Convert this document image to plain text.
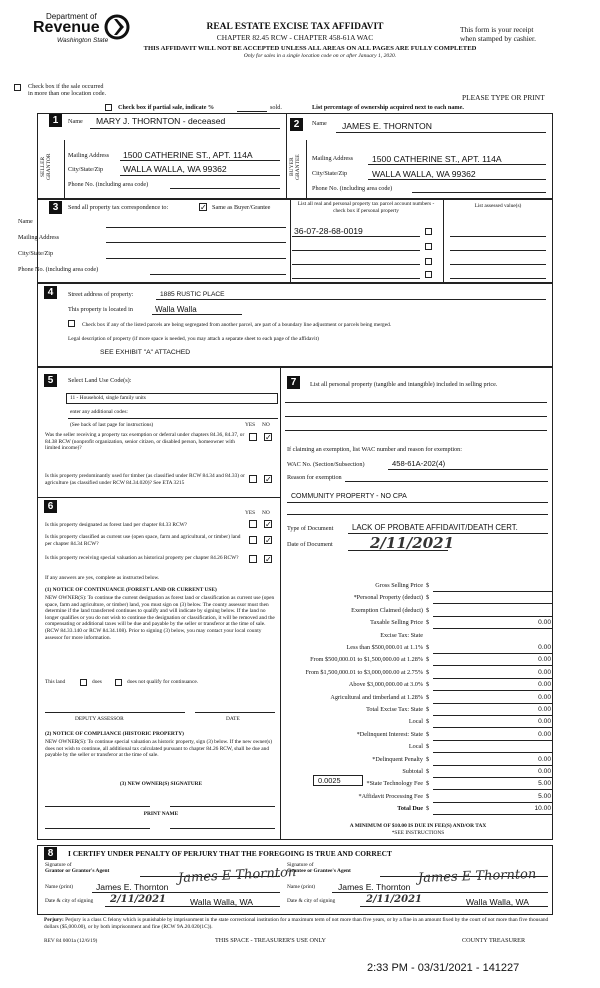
Department of
Revenue
Washington State
REAL ESTATE EXCISE TAX AFFIDAVIT
CHAPTER 82.45 RCW - CHAPTER 458-61A WAC
THIS AFFIDAVIT WILL NOT BE ACCEPTED UNLESS ALL AREAS ON ALL PAGES ARE FULLY COMPLETED
Only for sales in a single location code on or after January 1, 2020.
This form is your receipt
when stamped by cashier.
PLEASE TYPE OR PRINT
Check box if the sale occurred
in more than one location code.
Check box if partial sale, indicate %	sold.	List percentage of ownership acquired next to each name.
1	Name MARY J. THORNTON - deceased
SELLER GRANTOR	Mailing Address 1500 CATHERINE ST., APT. 114A
City/State/Zip WALLA WALLA, WA 99362
Phone No. (including area code)
2	Name JAMES E. THORNTON
BUYER GRANTEE Mailing Address 1500 CATHERINE ST., APT. 114A
City/State/Zip	WALLA WALLA, WA 99362
Phone No. (including area code)
3	Send all property tax correspondence to:	✓ Same as Buyer/Grantee
Name
Mailing Address
City/State/Zip
Phone No. (including area code)
List all real and personal property tax parcel account numbers - check box if personal property
List assessed value(s)
36-07-28-68-0019
4	Street address of property:	1885 RUSTIC PLACE
This property is located in	Walla Walla
Check box if any of the listed parcels are being segregated from another parcel, are part of a boundary line adjustment or parcels being merged.
Legal description of property (if more space is needed, you may attach a separate sheet to each page of the affidavit)
SEE EXHIBIT "A" ATTACHED
5	Select Land Use Code(s):
11 - Household, single family units
enter any additional codes:
(See back of last page for instructions)	YES NO
Was the seller receiving a property tax exemption or deferral under chapters 84.36, 84.37, or 84.38 RCW (nonprofit organization, senior citizen, or disabled person, homeowner with limited income)?
✓
Is this property predominantly used for timber (as classified under RCW 84.34 and 84.33) or agriculture (as classified under RCW 84.34.020)? See ETA 3215	✓
6
YES NO
Is this property designated as forest land per chapter 84.33 RCW?	✓
Is this property classified as current use (open space, farm and agricultural, or timber) land per chapter 84.34 RCW?	✓
Is this property receiving special valuation as historical property per chapter 84.26 RCW?	✓
If any answers are yes, complete as instructed below.
(1) NOTICE OF CONTINUANCE (FOREST LAND OR CURRENT USE)
NEW OWNER(S): To continue the current designation as forest land or classification as current use (open space, farm and agriculture, or timber) land, you must sign on (3) below. The county assessor must then determine if the land transferred continues to qualify and will indicate by signing below. If the land no longer qualifies or you do not wish to continue the designation or classification, it will be removed and the compensating or additional taxes will be due and payable by the seller or transferor at the time of sale. (RCW 84.33.140 or RCW 84.34.108). Prior to signing (3) below, you may contact your local county assessor for more information.
This land	does	does not qualify for continuance.
DEPUTY ASSESSOR	DATE
(2) NOTICE OF COMPLIANCE (HISTORIC PROPERTY)
NEW OWNER(S): To continue special valuation as historic property, sign (3) below. If the new owner(s) does not wish to continue, all additional tax calculated pursuant to chapter 84.26 RCW, shall be due and payable by the seller or transferor at the time of sale.
(3) NEW OWNER(S) SIGNATURE
PRINT NAME
7	List all personal property (tangible and intangible) included in selling price.
If claiming an exemption, list WAC number and reason for exemption:
WAC No. (Section/Subsection)	458-61A-202(4)
Reason for exemption
COMMUNITY PROPERTY - NO CPA
Type of Document LACK OF PROBATE AFFIDAVIT/DEATH CERT.
Date of Document 2/11/2021
Gross Selling Price $
*Personal Property (deduct) $
Exemption Claimed (deduct) $
Taxable Selling Price $	0.00
Excise Tax: State
Less than $500,000.01 at 1.1% $	0.00
From $500,000.01 to $1,500,000.00 at 1.28% $	0.00
From $1,500,000.01 to $3,000,000.00 at 2.75% $	0.00
Above $3,000,000.00 at 3.0% $	0.00
Agricultural and timberland at 1.28% $	0.00
Total Excise Tax: State $	0.00
Local $	0.00
*Delinquent Interest: State $	0.00
Local $
*Delinquent Penalty $	0.00
Subtotal $	0.00
*State Technology Fee $	5.00
*Affidavit Processing Fee $	5.00
Total Due $	10.00
0.0025
A MINIMUM OF $10.00 IS DUE IN FEE(S) AND/OR TAX
*SEE INSTRUCTIONS
8	I CERTIFY UNDER PENALTY OF PERJURY THAT THE FOREGOING IS TRUE AND CORRECT
Signature of
Grantor or Grantor's Agent
Name (print)	James E. Thornton
James E Thornton
Date & city of signing 2/11/2021	Walla Walla, WA
Signature of
Grantee or Grantee's Agent
Name (print)	James E. Thornton
James E Thornton
Date & city of signing	2/11/2021	Walla Walla, WA
Perjury: Perjury is a class C felony which is punishable by imprisonment in the state correctional institution for a maximum term of not more than five years, or by a fine in an amount fixed by the court of not more than five thousand dollars ($5,000.00), or by both imprisonment and fine (RCW 9A.20.020(1C)).
REV 84 0001a (12/6/19)	THIS SPACE - TREASURER'S USE ONLY	COUNTY TREASURER
2:33 PM - 03/31/2021 - 141227
